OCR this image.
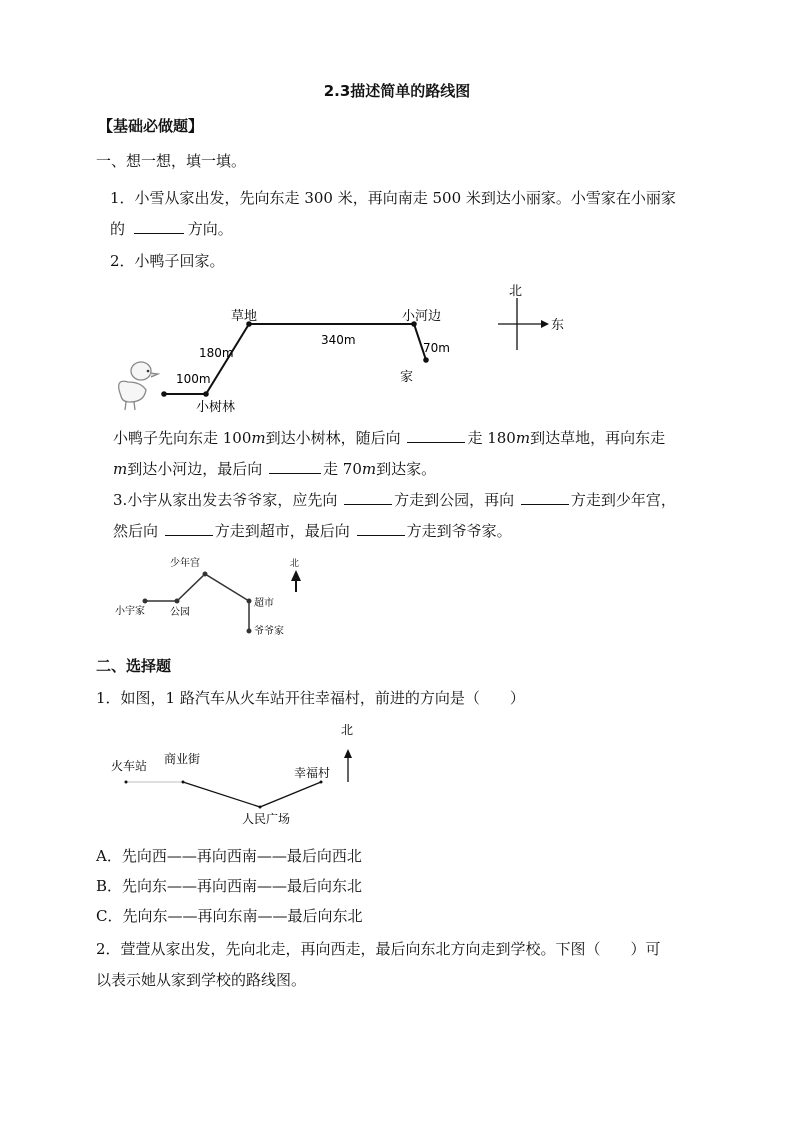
2.3描述简单的路线图
【基础必做题】
一、想一想，填一填。
1．小雪从家出发，先向东走 300 米，再向南走 500 米到达小丽家。小雪家在小丽家
的	方向。
2．小鸭子回家。
草地	小河边
家
小树林
100m
180m
340m
70m
北
东
小鸭子先向东走 100m到达小树林，随后向	走 180m到达草地，再向东走
m到达小河边，最后向	走 70m到达家。
3.小宇从家出发去爷爷家，应先向	方走到公园，再向	方走到少年宫，
然后向	方走到超市，最后向	方走到爷爷家。
少年宫
小宇家	公园
超市
爷爷家
北
二、选择题
1．如图，1 路汽车从火车站开往幸福村，前进的方向是（　　）
火车站 商业街
幸福村
人民广场
北
A．先向西——再向西南——最后向西北
B．先向东——再向西南——最后向东北
C．先向东——再向东南——最后向东北
2．萱萱从家出发，先向北走，再向西走，最后向东北方向走到学校。下图（　　）可
以表示她从家到学校的路线图。
